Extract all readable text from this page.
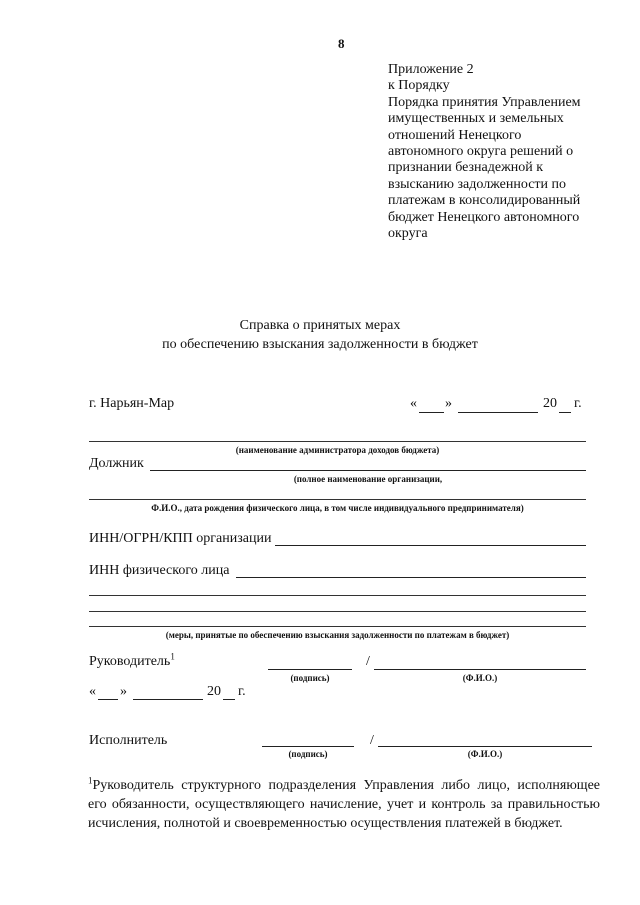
8
Приложение 2
к Порядку
Порядка принятия Управлением
имущественных и земельных
отношений Ненецкого
автономного округа решений о
признании безнадежной к
взысканию задолженности по
платежам в консолидированный
бюджет Ненецкого автономного
округа
Справка о принятых мерах
по обеспечению взыскания задолженности в бюджет
г. Нарьян-Мар	« »	20 г.
(наименование администратора доходов бюджета)
Должник
(полное наименование организации,
Ф.И.О., дата рождения физического лица, в том числе индивидуального предпринимателя)
ИНН/ОГРН/КПП организации
ИНН физического лица
(меры, принятые по обеспечению взыскания задолженности по платежам в бюджет)
Руководитель$^1$
(подпись)
/
(Ф.И.О.)
« »	20 г.
Исполнитель
(подпись)
/
(Ф.И.О.)
$^1$Руководитель структурного подразделения Управления либо лицо, исполняющее
его обязанности, осуществляющего начисление, учет и контроль за правильностью
исчисления, полнотой и своевременностью осуществления платежей в бюджет.
